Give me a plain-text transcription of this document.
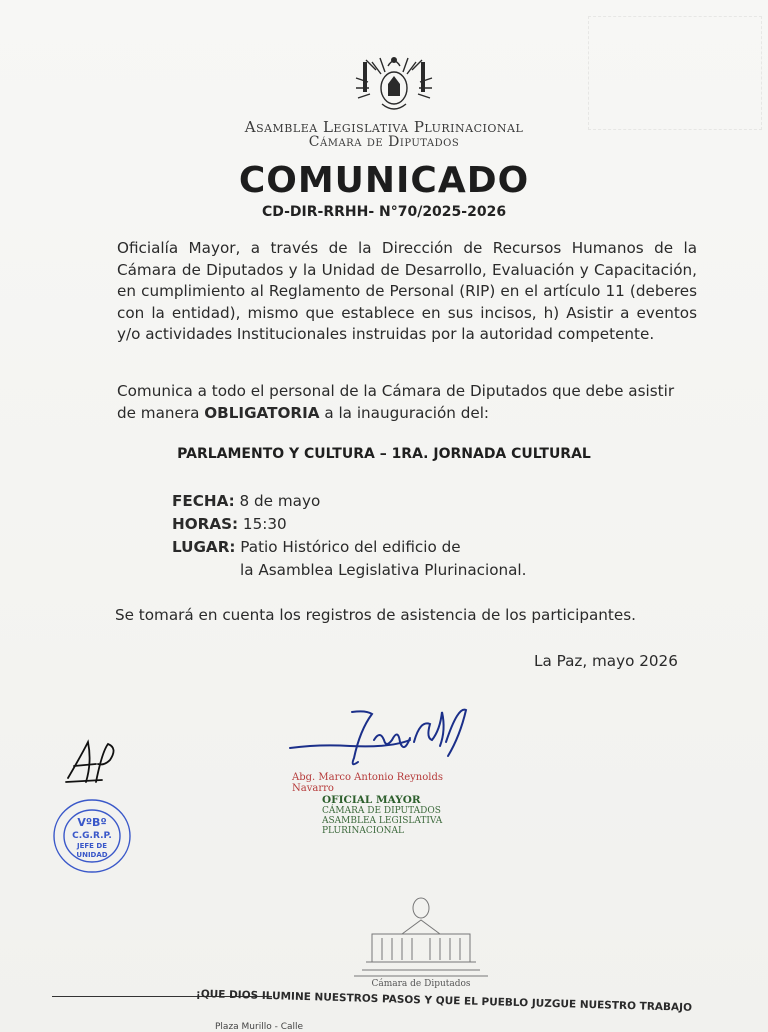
Asamblea Legislativa Plurinacional
Cámara de Diputados
COMUNICADO
CD-DIR-RRHH- N°70/2025-2026
Oficialía Mayor, a través de la Dirección de Recursos Humanos de la Cámara de Diputados y la Unidad de Desarrollo, Evaluación y Capacitación, en cumplimiento al Reglamento de Personal (RIP) en el artículo 11 (deberes con la entidad), mismo que establece en sus incisos, h) Asistir a eventos y/o actividades Institucionales instruidas por la autoridad competente.
Comunica a todo el personal de la Cámara de Diputados que debe asistir de manera OBLIGATORIA a la inauguración del:
PARLAMENTO Y CULTURA – 1RA. JORNADA CULTURAL
FECHA: 8 de mayo
HORAS: 15:30
LUGAR: Patio Histórico del edificio de
la Asamblea Legislativa Plurinacional.
Se tomará en cuenta los registros de asistencia de los participantes.
La Paz, mayo 2026
Abg. Marco Antonio Reynolds Navarro
OFICIAL MAYOR
CÁMARA DE DIPUTADOS
ASAMBLEA LEGISLATIVA PLURINACIONAL
VºBº
C.G.R.P.
JEFE DE
UNIDAD
Cámara de Diputados
¡QUE DIOS ILUMINE NUESTROS PASOS Y QUE EL PUEBLO JUZGUE NUESTRO TRABAJO
Plaza Murillo - Calle
